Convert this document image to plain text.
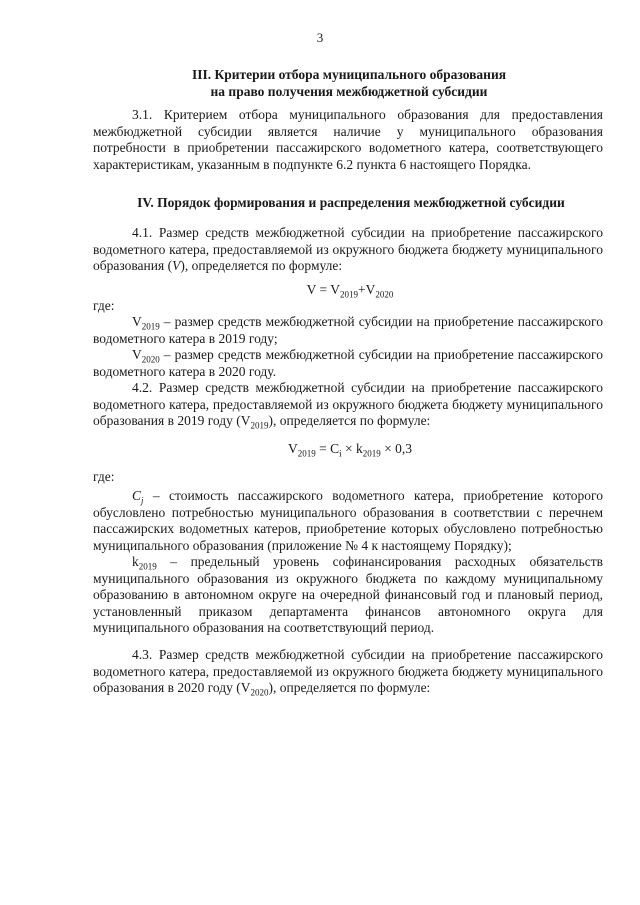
3
III. Критерии отбора муниципального образования
на право получения межбюджетной субсидии

3.1. Критерием отбора муниципального образования для предоставления межбюджетной субсидии является наличие у муниципального образования потребности в приобретении пассажирского водометного катера, соответствующего характеристикам, указанным в подпункте 6.2 пункта 6 настоящего Порядка.

IV. Порядок формирования и распределения межбюджетной субсидии

4.1. Размер средств межбюджетной субсидии на приобретение пассажирского водометного катера, предоставляемой из окружного бюджета бюджету муниципального образования (V), определяется по формуле:

$V = V_{2019}+V_{2020}$
где:

$V_{2019}$ – размер средств межбюджетной субсидии на приобретение пассажирского водометного катера в 2019 году;

$V_{2020}$ – размер средств межбюджетной субсидии на приобретение пассажирского водометного катера в 2020 году.

4.2. Размер средств межбюджетной субсидии на приобретение пассажирского водометного катера, предоставляемой из окружного бюджета бюджету муниципального образования в 2019 году $(V_{2019})$, определяется по формуле:

$V_{2019} = C_i \times k_{2019} \times 0,3$
где:

$C_j$ – стоимость пассажирского водометного катера, приобретение которого обусловлено потребностью муниципального образования в соответствии с перечнем пассажирских водометных катеров, приобретение которых обусловлено потребностью муниципального образования (приложение № 4 к настоящему Порядку);

$k_{2019}$ – предельный уровень софинансирования расходных обязательств муниципального образования из окружного бюджета по каждому муниципальному образованию в автономном округе на очередной финансовый год и плановый период, установленный приказом департамента финансов автономного округа для муниципального образования на соответствующий период.

4.3. Размер средств межбюджетной субсидии на приобретение пассажирского водометного катера, предоставляемой из окружного бюджета бюджету муниципального образования в 2020 году $(V_{2020})$, определяется по формуле:
